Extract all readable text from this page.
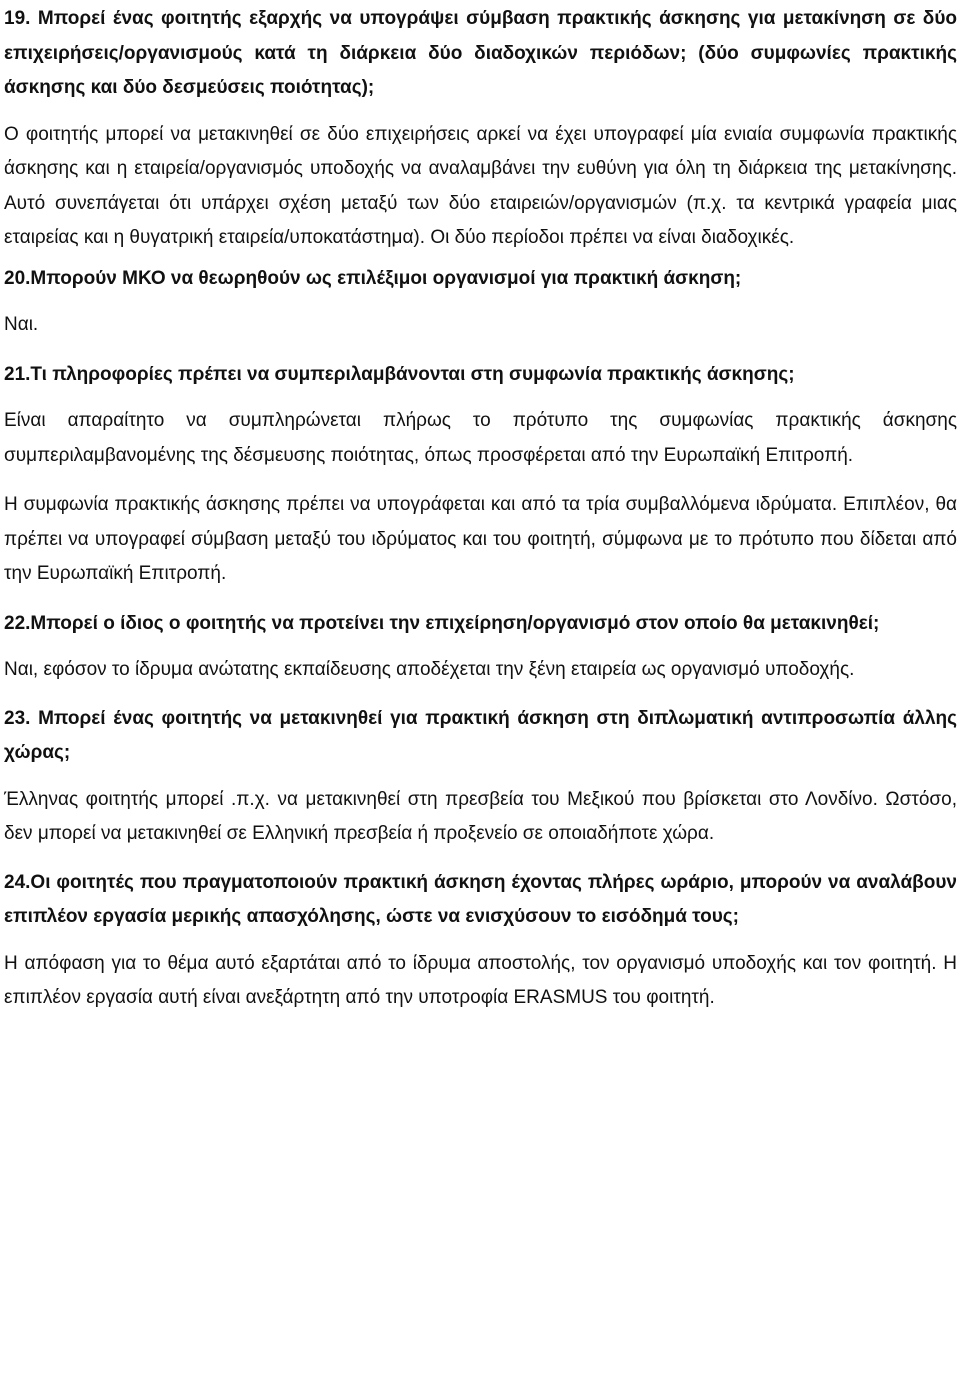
19. Μπορεί ένας φοιτητής εξαρχής να υπογράψει σύμβαση πρακτικής άσκησης για μετακίνηση σε δύο επιχειρήσεις/οργανισμούς κατά τη διάρκεια δύο διαδοχικών περιόδων; (δύο συμφωνίες πρακτικής άσκησης και δύο δεσμεύσεις ποιότητας);

Ο φοιτητής μπορεί να μετακινηθεί σε δύο επιχειρήσεις αρκεί να έχει υπογραφεί μία ενιαία συμφωνία πρακτικής άσκησης και η εταιρεία/οργανισμός υποδοχής να αναλαμβάνει την ευθύνη για όλη τη διάρκεια της μετακίνησης. Αυτό συνεπάγεται ότι υπάρχει σχέση μεταξύ των δύο εταιρειών/οργανισμών (π.χ. τα κεντρικά γραφεία μιας εταιρείας και η θυγατρική εταιρεία/υποκατάστημα). Οι δύο περίοδοι πρέπει να είναι διαδοχικές.

20.Μπορούν ΜΚΟ να θεωρηθούν ως επιλέξιμοι οργανισμοί για πρακτική άσκηση;

Ναι.

21.Τι πληροφορίες πρέπει να συμπεριλαμβάνονται στη συμφωνία πρακτικής άσκησης;

Είναι απαραίτητο να συμπληρώνεται πλήρως το πρότυπο της συμφωνίας πρακτικής άσκησης συμπεριλαμβανομένης της δέσμευσης ποιότητας, όπως προσφέρεται από την Ευρωπαϊκή Επιτροπή.

Η συμφωνία πρακτικής άσκησης πρέπει να υπογράφεται και από τα τρία συμβαλλόμενα ιδρύματα. Επιπλέον, θα πρέπει να υπογραφεί σύμβαση μεταξύ του ιδρύματος και του φοιτητή, σύμφωνα με το πρότυπο που δίδεται από την Ευρωπαϊκή Επιτροπή.

22.Μπορεί ο ίδιος ο φοιτητής να προτείνει την επιχείρηση/οργανισμό στον οποίο θα μετακινηθεί;

Ναι, εφόσον το ίδρυμα ανώτατης εκπαίδευσης αποδέχεται την ξένη εταιρεία ως οργανισμό υποδοχής.

23. Μπορεί ένας φοιτητής να μετακινηθεί για πρακτική άσκηση στη διπλωματική αντιπροσωπία άλλης χώρας;

Έλληνας φοιτητής μπορεί .π.χ. να μετακινηθεί στη πρεσβεία του Μεξικού που βρίσκεται στο Λονδίνο. Ωστόσο, δεν μπορεί να μετακινηθεί σε Ελληνική πρεσβεία ή προξενείο σε οποιαδήποτε χώρα.

24.Οι φοιτητές που πραγματοποιούν πρακτική άσκηση έχοντας πλήρες ωράριο, μπορούν να αναλάβουν επιπλέον εργασία μερικής απασχόλησης, ώστε να ενισχύσουν το εισόδημά τους;

Η απόφαση για το θέμα αυτό εξαρτάται από το ίδρυμα αποστολής, τον οργανισμό υποδοχής και τον φοιτητή. Η επιπλέον εργασία αυτή είναι ανεξάρτητη από την υποτροφία ERASMUS του φοιτητή.
